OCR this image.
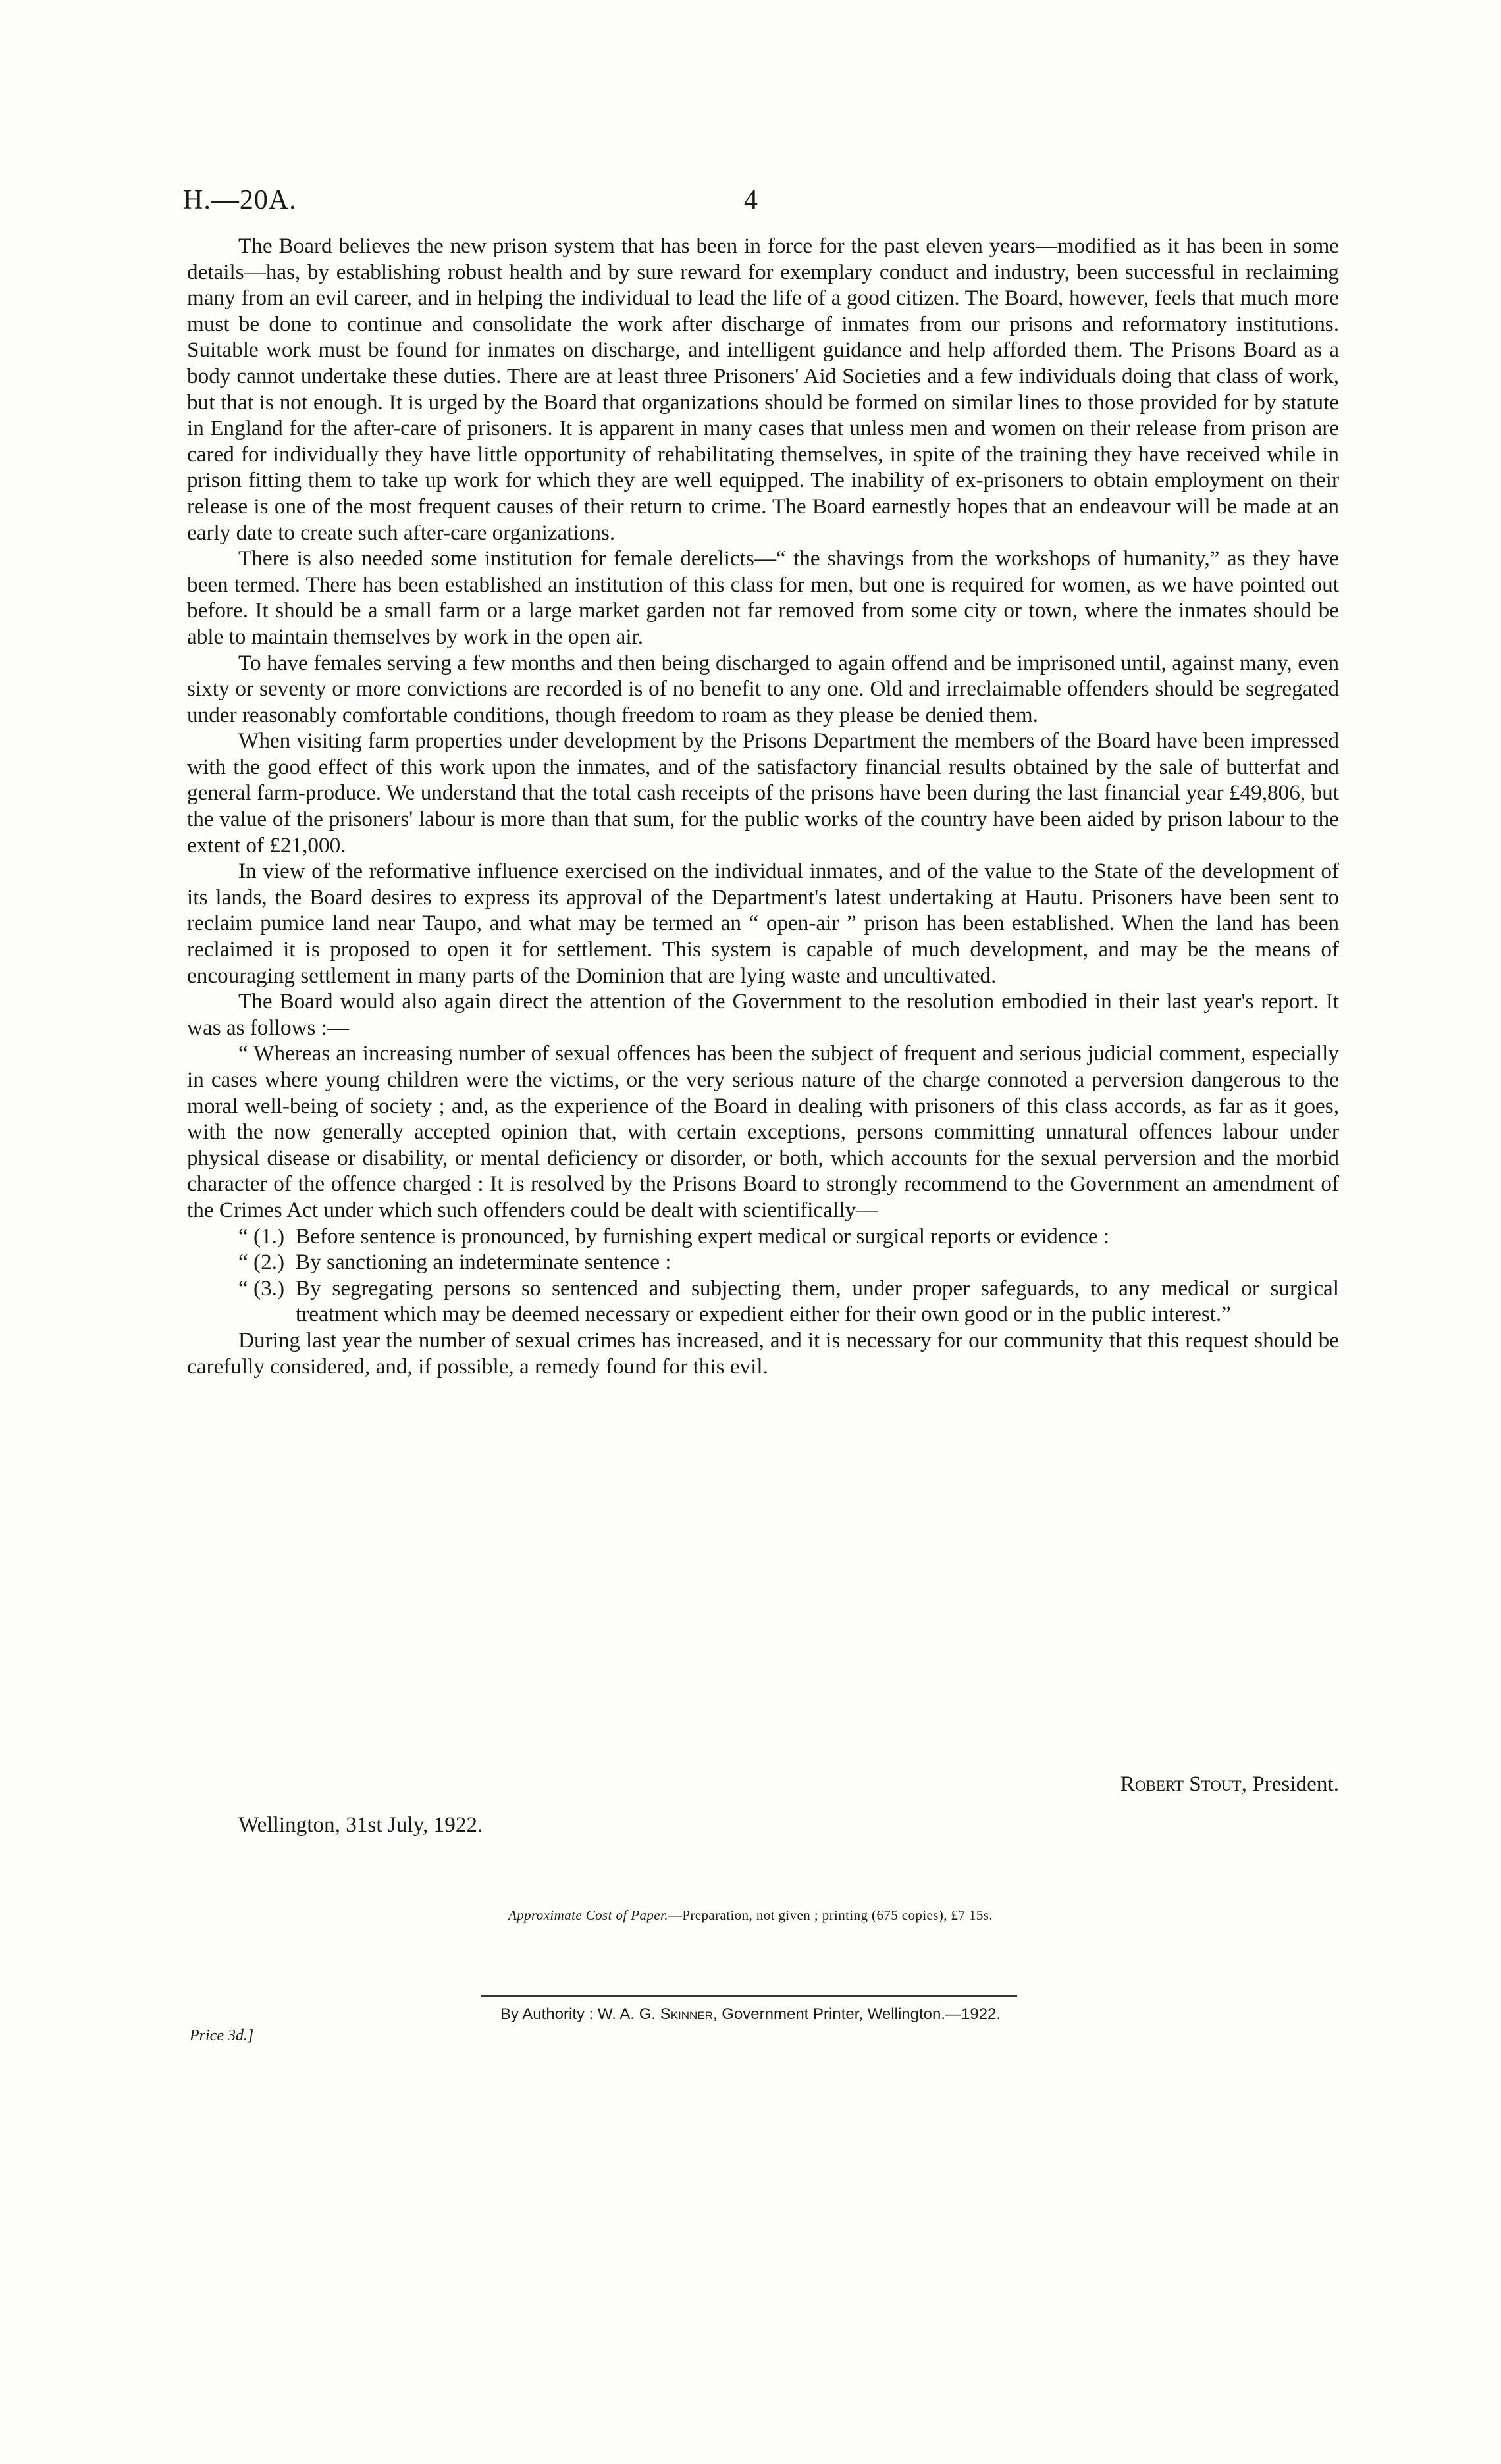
H.—20A.	4

The Board believes the new prison system that has been in force for the past eleven years—modified as it has been in some details—has, by establishing robust health and by sure reward for exemplary conduct and industry, been successful in reclaiming many from an evil career, and in helping the individual to lead the life of a good citizen. The Board, however, feels that much more must be done to continue and consolidate the work after discharge of inmates from our prisons and reformatory institutions. Suitable work must be found for inmates on discharge, and intelligent guidance and help afforded them. The Prisons Board as a body cannot undertake these duties. There are at least three Prisoners' Aid Societies and a few individuals doing that class of work, but that is not enough. It is urged by the Board that organizations should be formed on similar lines to those provided for by statute in England for the after-care of prisoners. It is apparent in many cases that unless men and women on their release from prison are cared for individually they have little opportunity of rehabilitating themselves, in spite of the training they have received while in prison fitting them to take up work for which they are well equipped. The inability of ex-prisoners to obtain employment on their release is one of the most frequent causes of their return to crime. The Board earnestly hopes that an endeavour will be made at an early date to create such after-care organizations.

There is also needed some institution for female derelicts—“ the shavings from the workshops of humanity,” as they have been termed. There has been established an institution of this class for men, but one is required for women, as we have pointed out before. It should be a small farm or a large market garden not far removed from some city or town, where the inmates should be able to maintain themselves by work in the open air.

To have females serving a few months and then being discharged to again offend and be imprisoned until, against many, even sixty or seventy or more convictions are recorded is of no benefit to any one. Old and irreclaimable offenders should be segregated under reasonably comfortable conditions, though freedom to roam as they please be denied them.

When visiting farm properties under development by the Prisons Department the members of the Board have been impressed with the good effect of this work upon the inmates, and of the satisfactory financial results obtained by the sale of butterfat and general farm-produce. We understand that the total cash receipts of the prisons have been during the last financial year £49,806, but the value of the prisoners' labour is more than that sum, for the public works of the country have been aided by prison labour to the extent of £21,000.

In view of the reformative influence exercised on the individual inmates, and of the value to the State of the development of its lands, the Board desires to express its approval of the Department's latest undertaking at Hautu. Prisoners have been sent to reclaim pumice land near Taupo, and what may be termed an “ open-air ” prison has been established. When the land has been reclaimed it is proposed to open it for settlement. This system is capable of much development, and may be the means of encouraging settlement in many parts of the Dominion that are lying waste and uncultivated.

The Board would also again direct the attention of the Government to the resolution embodied in their last year's report. It was as follows :—

“ Whereas an increasing number of sexual offences has been the subject of frequent and serious judicial comment, especially in cases where young children were the victims, or the very serious nature of the charge connoted a perversion dangerous to the moral well-being of society ; and, as the experience of the Board in dealing with prisoners of this class accords, as far as it goes, with the now generally accepted opinion that, with certain exceptions, persons committing unnatural offences labour under physical disease or disability, or mental deficiency or disorder, or both, which accounts for the sexual perversion and the morbid character of the offence charged : It is resolved by the Prisons Board to strongly recommend to the Government an amendment of the Crimes Act under which such offenders could be dealt with scientifically—

“ (1.) Before sentence is pronounced, by furnishing expert medical or surgical reports or evidence :
“ (2.) By sanctioning an indeterminate sentence :
“ (3.) By segregating persons so sentenced and subjecting them, under proper safeguards, to any medical or surgical treatment which may be deemed necessary or expedient either for their own good or in the public interest.”

During last year the number of sexual crimes has increased, and it is necessary for our community that this request should be carefully considered, and, if possible, a remedy found for this evil.

Robert Stout, President.
Wellington, 31st July, 1922.
Approximate Cost of Paper.—Preparation, not given ; printing (675 copies), £7 15s.
By Authority : W. A. G. Skinner, Government Printer, Wellington.—1922.
Price 3d.]
